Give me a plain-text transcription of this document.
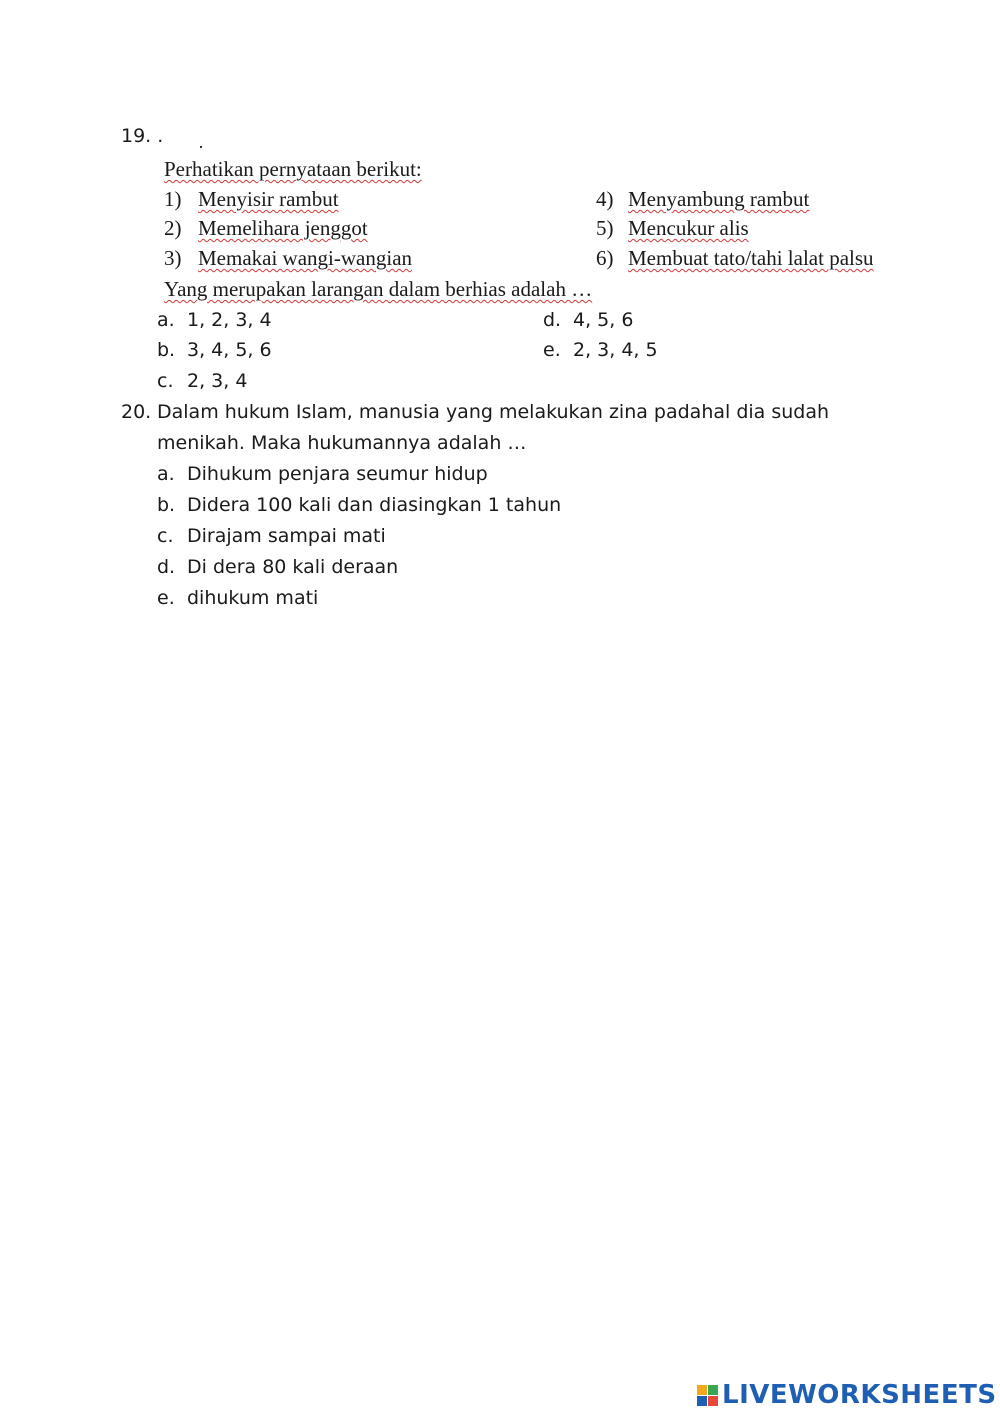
19. .
Perhatikan pernyataan berikut:
1) Menyisir rambut
2) Memelihara jenggot
3) Memakai wangi-wangian
4) Menyambung rambut
5) Mencukur alis
6) Membuat tato/tahi lalat palsu
Yang merupakan larangan dalam berhias adalah …
a. 1, 2, 3, 4
b. 3, 4, 5, 6
c. 2, 3, 4
d. 4, 5, 6
e. 2, 3, 4, 5
20. Dalam hukum Islam, manusia yang melakukan zina padahal dia sudah
menikah. Maka hukumannya adalah …
a. Dihukum penjara seumur hidup
b. Didera 100 kali dan diasingkan 1 tahun
c. Dirajam sampai mati
d. Di dera 80 kali deraan
e. dihukum mati
LIVEWORKSHEETS
